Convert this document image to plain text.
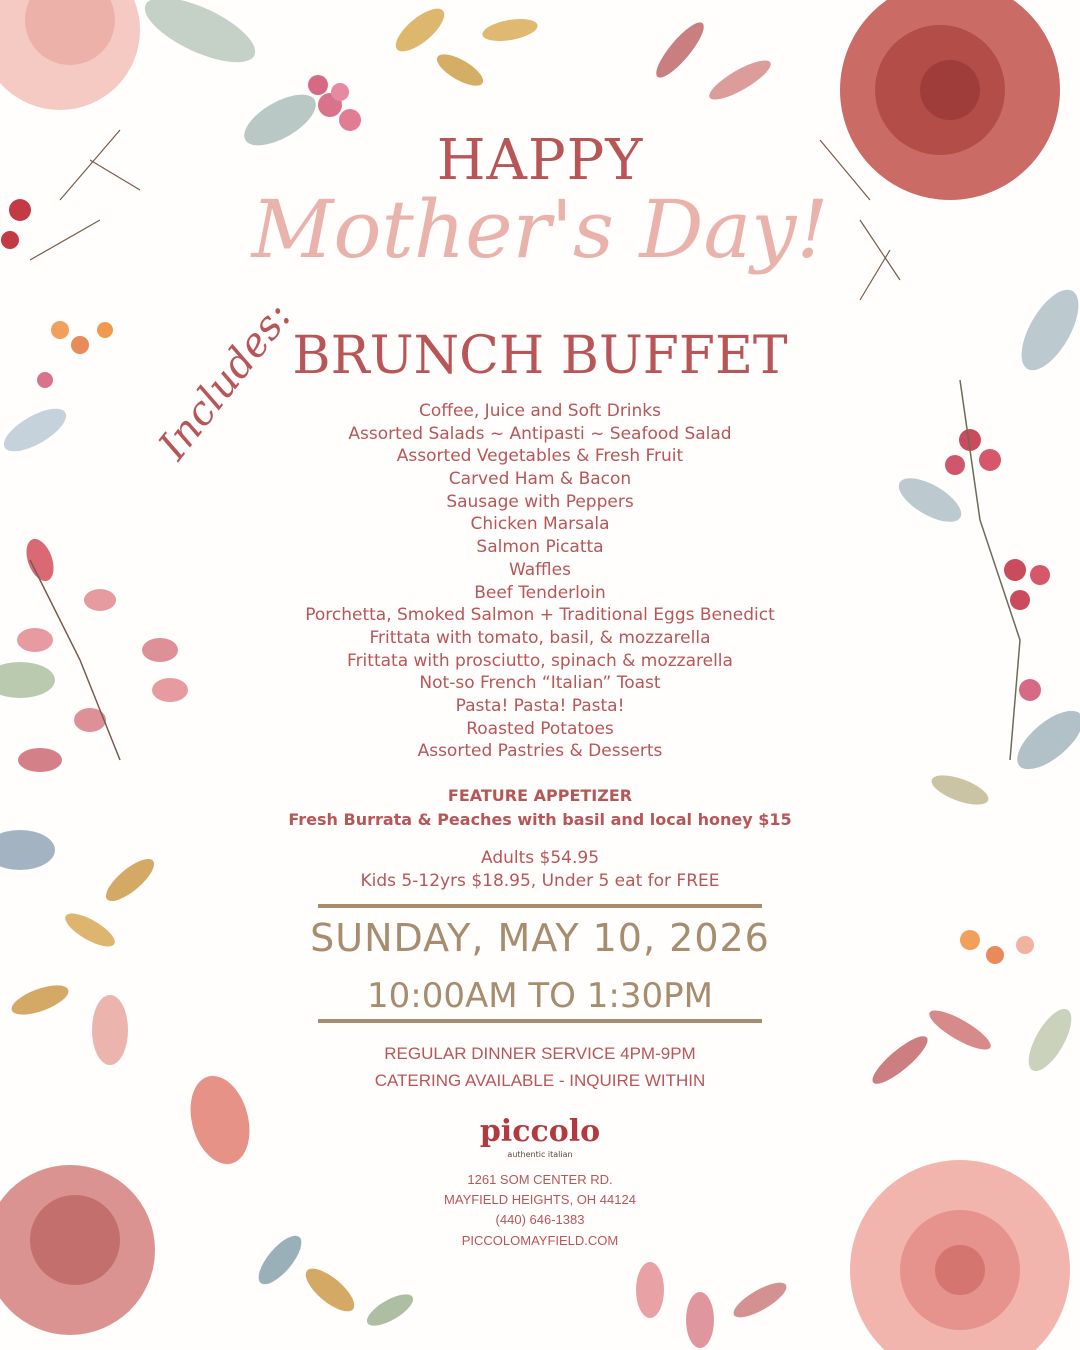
Includes:
HAPPY
Mother's Day!
BRUNCH BUFFET
Coffee, Juice and Soft Drinks
Assorted Salads ~ Antipasti ~ Seafood Salad
Assorted Vegetables & Fresh Fruit
Carved Ham & Bacon
Sausage with Peppers
Chicken Marsala
Salmon Picatta
Waffles
Beef Tenderloin
Porchetta, Smoked Salmon + Traditional Eggs Benedict
Frittata with tomato, basil, & mozzarella
Frittata with prosciutto, spinach & mozzarella
Not-so French “Italian” Toast
Pasta! Pasta! Pasta!
Roasted Potatoes
Assorted Pastries & Desserts
FEATURE APPETIZER
Fresh Burrata & Peaches with basil and local honey $15
Adults $54.95
Kids 5-12yrs $18.95, Under 5 eat for FREE
SUNDAY, MAY 10, 2026
10:00AM TO 1:30PM
REGULAR DINNER SERVICE 4PM-9PM
CATERING AVAILABLE - INQUIRE WITHIN
piccolo
authentic italian
1261 SOM CENTER RD.
MAYFIELD HEIGHTS, OH 44124
(440) 646-1383
PICCOLOMAYFIELD.COM
